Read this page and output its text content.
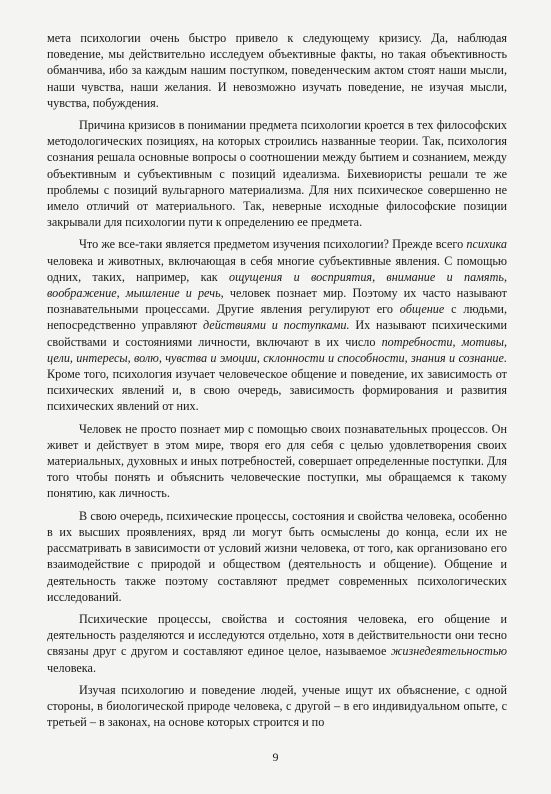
мета психологии очень быстро привело к следующему кризису. Да, наблюдая поведение, мы действительно исследуем объективные факты, но такая объективность обманчива, ибо за каждым нашим поступком, поведенческим актом стоят наши мысли, наши чувства, наши желания. И невозможно изучать поведение, не изучая мысли, чувства, побуждения.

Причина кризисов в понимании предмета психологии кроется в тех философских методологических позициях, на которых строились названные теории. Так, психология сознания решала основные вопросы о соотношении между бытием и сознанием, между объективным и субъективным с позиций идеализма. Бихевиористы решали те же проблемы с позиций вульгарного материализма. Для них психическое совершенно не имело отличий от материального. Так, неверные исходные философские позиции закрывали для психологии пути к определению ее предмета.

Что же все-таки является предметом изучения психологии? Прежде всего психика человека и животных, включающая в себя многие субъективные явления. С помощью одних, таких, например, как ощущения и восприятия, внимание и память, воображение, мышление и речь, человек познает мир. Поэтому их часто называют познавательными процессами. Другие явления регулируют его общение с людьми, непосредственно управляют действиями и поступками. Их называют психическими свойствами и состояниями личности, включают в их число потребности, мотивы, цели, интересы, волю, чувства и эмоции, склонности и способности, знания и сознание. Кроме того, психология изучает человеческое общение и поведение, их зависимость от психических явлений и, в свою очередь, зависимость формирования и развития психических явлений от них.

Человек не просто познает мир с помощью своих познавательных процессов. Он живет и действует в этом мире, творя его для себя с целью удовлетворения своих материальных, духовных и иных потребностей, совершает определенные поступки. Для того чтобы понять и объяснить человеческие поступки, мы обращаемся к такому понятию, как личность.

В свою очередь, психические процессы, состояния и свойства человека, особенно в их высших проявлениях, вряд ли могут быть осмыслены до конца, если их не рассматривать в зависимости от условий жизни человека, от того, как организовано его взаимодействие с природой и обществом (деятельность и общение). Общение и деятельность также поэтому составляют предмет современных психологических исследований.

Психические процессы, свойства и состояния человека, его общение и деятельность разделяются и исследуются отдельно, хотя в действительности они тесно связаны друг с другом и составляют единое целое, называемое жизнедеятельностью человека.

Изучая психологию и поведение людей, ученые ищут их объяснение, с одной стороны, в биологической природе человека, с другой – в его индивидуальном опыте, с третьей – в законах, на основе которых строится и по

9
